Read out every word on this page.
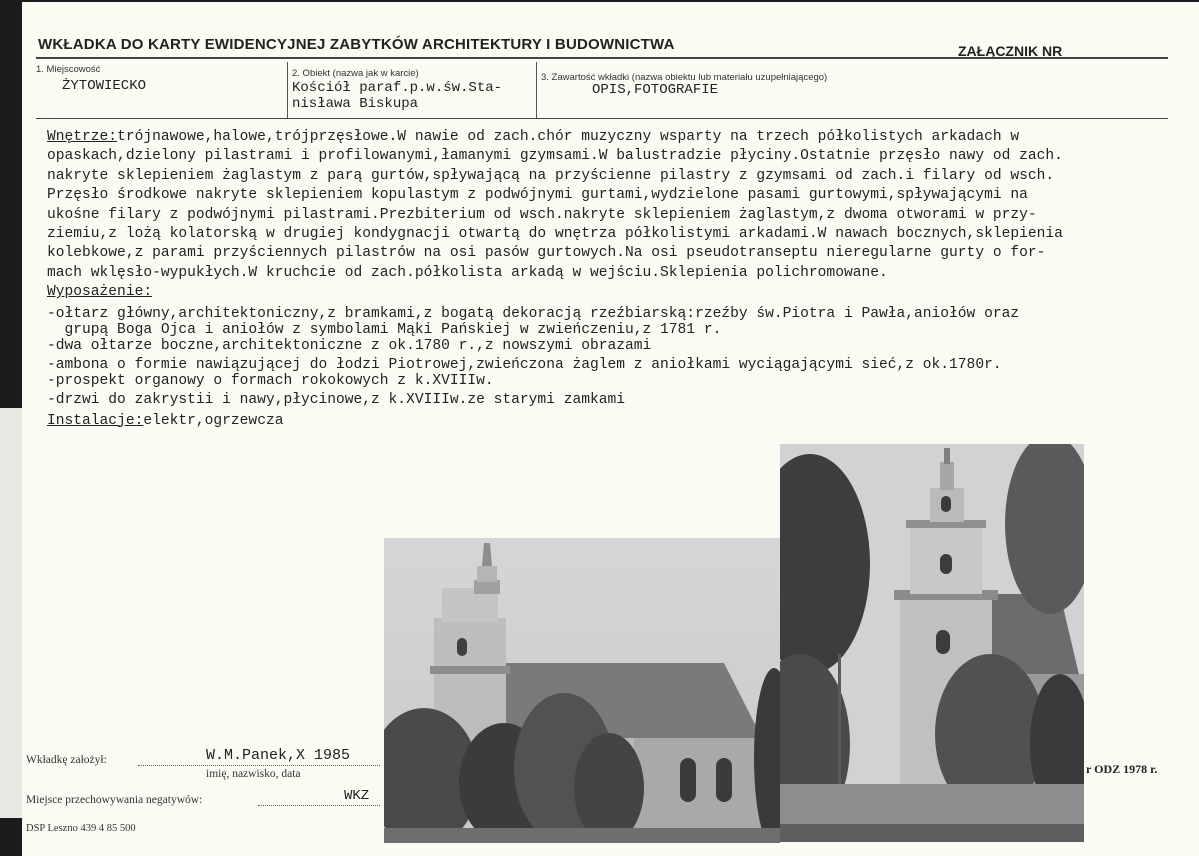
WKŁADKA DO KARTY EWIDENCYJNEJ ZABYTKÓW ARCHITEKTURY I BUDOWNICTWA	ZAŁĄCZNIK NR
1. Miejscowość
ŻYTOWIECKO
2. Obiekt (nazwa jak w karcie)
Kościół paraf.p.w.św.Sta-
nisława Biskupa
3. Zawartość wkładki (nazwa obiektu lub materiału uzupełniającego)
OPIS,FOTOGRAFIE

Wnętrze:trójnawowe,halowe,trójprzęsłowe.W nawie od zach.chór muzyczny wsparty na trzech półkolistych arkadach w

opaskach,dzielony pilastrami i profilowanymi,łamanymi gzymsami.W balustradzie płyciny.Ostatnie przęsło nawy od zach.

nakryte sklepieniem żaglastym z parą gurtów,spływającą na przyścienne pilastry z gzymsami od zach.i filary od wsch.

Przęsło środkowe nakryte sklepieniem kopulastym z podwójnymi gurtami,wydzielone pasami gurtowymi,spływającymi na

ukośne filary z podwójnymi pilastrami.Prezbiterium od wsch.nakryte sklepieniem żaglastym,z dwoma otworami w przy-

ziemiu,z lożą kolatorską w drugiej kondygnacji otwartą do wnętrza półkolistymi arkadami.W nawach bocznych,sklepienia

kolebkowe,z parami przyściennych pilastrów na osi pasów gurtowych.Na osi pseudotranseptu nieregularne gurty o for-

mach wklęsło-wypukłych.W kruchcie od zach.półkolista arkadą w wejściu.Sklepienia polichromowane.

Wyposażenie:

-ołtarz główny,architektoniczny,z bramkami,z bogatą dekoracją rzeźbiarską:rzeźby św.Piotra i Pawła,aniołów oraz

grupą Boga Ojca i aniołów z symbolami Mąki Pańskiej w zwieńczeniu,z 1781 r.

-dwa ołtarze boczne,architektoniczne z ok.1780 r.,z nowszymi obrazami

-ambona o formie nawiązującej do łodzi Piotrowej,zwieńczona żaglem z aniołkami wyciągającymi sieć,z ok.1780r.

-prospekt organowy o formach rokokowych z k.XVIIIw.

-drzwi do zakrystii i nawy,płycinowe,z k.XVIIIw.ze starymi zamkami

Instalacje:elektr,ogrzewcza

r ODZ 1978 r.
Wkładkę założył:	W.M.Panek,X 1985
imię, nazwisko, data
Miejsce przechowywania negatywów:	WKZ
DSP Leszno 439 4 85 500
